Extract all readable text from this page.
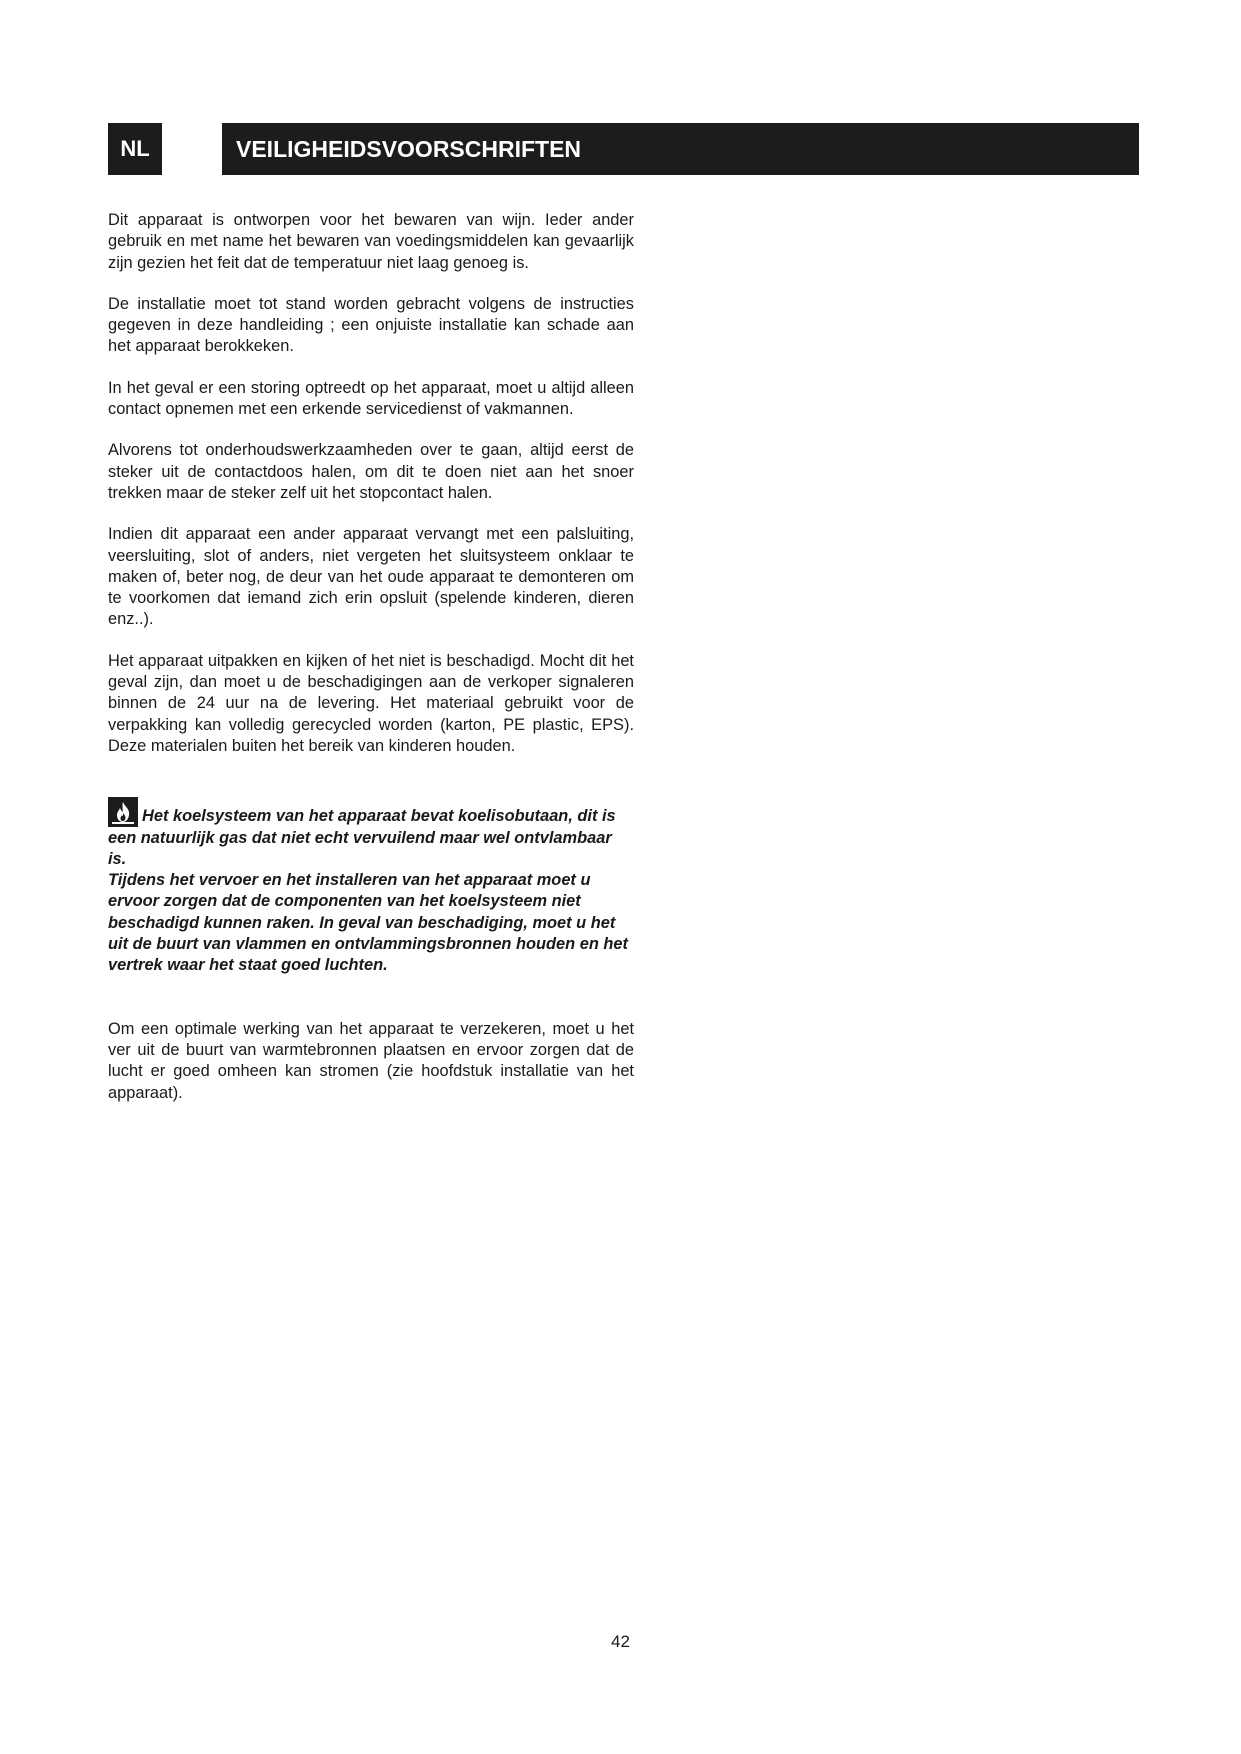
NL	VEILIGHEIDSVOORSCHRIFTEN

Dit apparaat is ontworpen voor het bewaren van wijn. Ieder ander gebruik en met name het bewaren van voedingsmiddelen kan gevaarlijk zijn gezien het feit dat de temperatuur niet laag genoeg is.

De installatie moet tot stand worden gebracht volgens de instructies gegeven in deze handleiding ; een onjuiste installatie kan schade aan het apparaat berokkeken.

In het geval er een storing optreedt op het apparaat, moet u altijd alleen contact opnemen met een erkende servicedienst of vakmannen.

Alvorens tot onderhoudswerkzaamheden over te gaan, altijd eerst de steker uit de contactdoos halen, om dit te doen niet aan het snoer trekken maar de steker zelf uit het stopcontact halen.

Indien dit apparaat een ander apparaat vervangt met een palsluiting, veersluiting, slot of anders, niet vergeten het sluitsysteem onklaar te maken of, beter nog, de deur van het oude apparaat te demonteren om te voorkomen dat iemand zich erin opsluit (spelende kinderen, dieren enz..).

Het apparaat uitpakken en kijken of het niet is beschadigd. Mocht dit het geval zijn, dan moet u de beschadigingen aan de verkoper signaleren binnen de 24 uur na de levering. Het materiaal gebruikt voor de verpakking kan volledig gerecycled worden (karton, PE plastic, EPS). Deze materialen buiten het bereik van kinderen houden.

Het koelsysteem van het apparaat bevat koelisobutaan, dit is een natuurlijk gas dat niet echt vervuilend maar wel ontvlambaar is.

Tijdens het vervoer en het installeren van het apparaat moet u ervoor zorgen dat de componenten van het koelsysteem niet beschadigd kunnen raken. In geval van beschadiging, moet u het uit de buurt van vlammen en ontvlammingsbronnen houden en het vertrek waar het staat goed luchten.

Om een optimale werking van het apparaat te verzekeren, moet u het ver uit de buurt van warmtebronnen plaatsen en ervoor zorgen dat de lucht er goed omheen kan stromen (zie hoofdstuk installatie van het apparaat).

42
